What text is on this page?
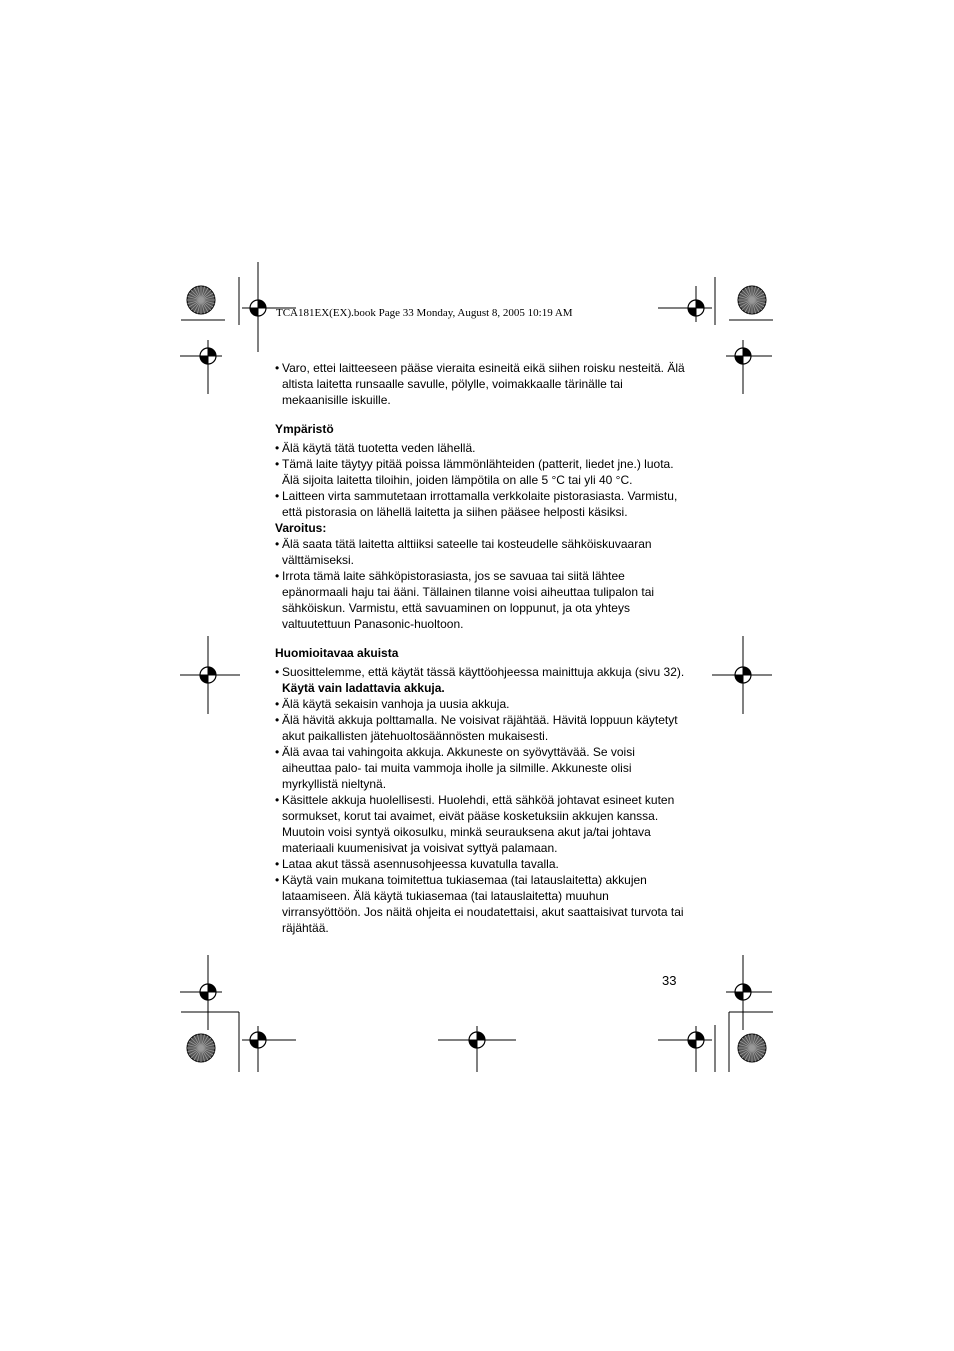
TCA181EX(EX).book Page 33 Monday, August 8, 2005 10:19 AM

• Varo, ettei laitteeseen pääse vieraita esineitä eikä siihen roisku nesteitä. Älä altista laitetta runsaalle savulle, pölylle, voimakkaalle tärinälle tai mekaanisille iskuille.

Ympäristö

• Älä käytä tätä tuotetta veden lähellä.

• Tämä laite täytyy pitää poissa lämmönlähteiden (patterit, liedet jne.) luota. Älä sijoita laitetta tiloihin, joiden lämpötila on alle 5 °C tai yli 40 °C.

• Laitteen virta sammutetaan irrottamalla verkkolaite pistorasiasta. Varmistu, että pistorasia on lähellä laitetta ja siihen pääsee helposti käsiksi.

Varoitus:

• Älä saata tätä laitetta alttiiksi sateelle tai kosteudelle sähköiskuvaaran välttämiseksi.

• Irrota tämä laite sähköpistorasiasta, jos se savuaa tai siitä lähtee epänormaali haju tai ääni. Tällainen tilanne voisi aiheuttaa tulipalon tai sähköiskun. Varmistu, että savuaminen on loppunut, ja ota yhteys valtuutettuun Panasonic-huoltoon.

Huomioitavaa akuista

• Suosittelemme, että käytät tässä käyttöohjeessa mainittuja akkuja (sivu 32). Käytä vain ladattavia akkuja.

• Älä käytä sekaisin vanhoja ja uusia akkuja.

• Älä hävitä akkuja polttamalla. Ne voisivat räjähtää. Hävitä loppuun käytetyt akut paikallisten jätehuoltosäännösten mukaisesti.

• Älä avaa tai vahingoita akkuja. Akkuneste on syövyttävää. Se voisi aiheuttaa palo- tai muita vammoja iholle ja silmille. Akkuneste olisi myrkyllistä nieltynä.

• Käsittele akkuja huolellisesti. Huolehdi, että sähköä johtavat esineet kuten sormukset, korut tai avaimet, eivät pääse kosketuksiin akkujen kanssa. Muutoin voisi syntyä oikosulku, minkä seurauksena akut ja/tai johtava materiaali kuumenisivat ja voisivat syttyä palamaan.

• Lataa akut tässä asennusohjeessa kuvatulla tavalla.

• Käytä vain mukana toimitettua tukiasemaa (tai latauslaitetta) akkujen lataamiseen. Älä käytä tukiasemaa (tai latauslaitetta) muuhun virransyöttöön. Jos näitä ohjeita ei noudatettaisi, akut saattaisivat turvota tai räjähtää.

33
